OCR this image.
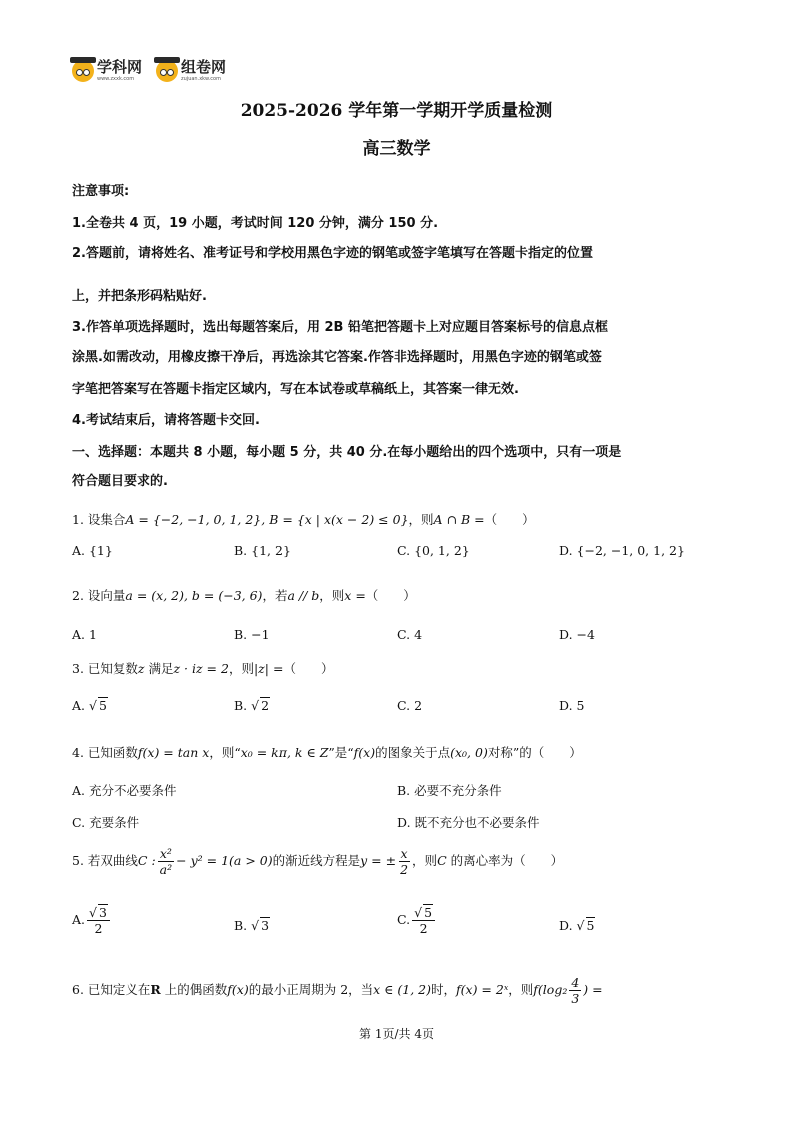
学科网
www.zxxk.com
组卷网
zujuan.xkw.com
2025-2026 学年第一学期开学质量检测
高三数学
注意事项:
1.全卷共 4 页，19 小题，考试时间 120 分钟，满分 150 分.
2.答题前，请将姓名、准考证号和学校用黑色字迹的钢笔或签字笔填写在答题卡指定的位置
上，并把条形码粘贴好.
3.作答单项选择题时，选出每题答案后，用 2B 铅笔把答题卡上对应题目答案标号的信息点框
涂黑.如需改动，用橡皮擦干净后，再选涂其它答案.作答非选择题时，用黑色字迹的钢笔或签
字笔把答案写在答题卡指定区域内，写在本试卷或草稿纸上，其答案一律无效.
4.考试结束后，请将答题卡交回.
一、选择题：本题共 8 小题，每小题 5 分，共 40 分.在每小题给出的四个选项中，只有一项是
符合题目要求的.
1. 设集合A = {−2, −1, 0, 1, 2}, B = {x | x(x − 2) ≤ 0}，则A ∩ B =（　　）
A. {1}	B. {1, 2}	C. {0, 1, 2}	D. {−2, −1, 0, 1, 2}
2. 设向量a = (x, 2), b = (−3, 6)，若a // b，则x =（　　）
A. 1	B. −1	C. 4	D. −4
3. 已知复数z 满足z · iz = 2，则|z| =（　　）
A. √ 5	B. √ 2	C. 2	D. 5
4. 已知函数f(x) = tan x，则“x₀ = kπ, k ∈ Z”是“f(x)的图象关于点(x₀, 0)对称”的（　　）
A. 充分不必要条件	B. 必要不充分条件
C. 充要条件	D. 既不充分也不必要条件
5. 若双曲线C : $\frac{\text{x²}}{\text{a²}} - y^2 = 1(a > 0)$的渐近线方程是y = ± $\frac{x}{2}$ ，则C 的离心率为（　　）
A. $\frac{√ 3}{2}$	B. √ 3	C. $\frac{√ 5}{2}$	D. √ 5
6. 已知定义在R 上的偶函数f(x)的最小正周期为 2，当x ∈ (1, 2)时，f(x) = 2ˣ，则$f(\log_2 \frac{4}{3}$ ) =
第 1页/共 4页
